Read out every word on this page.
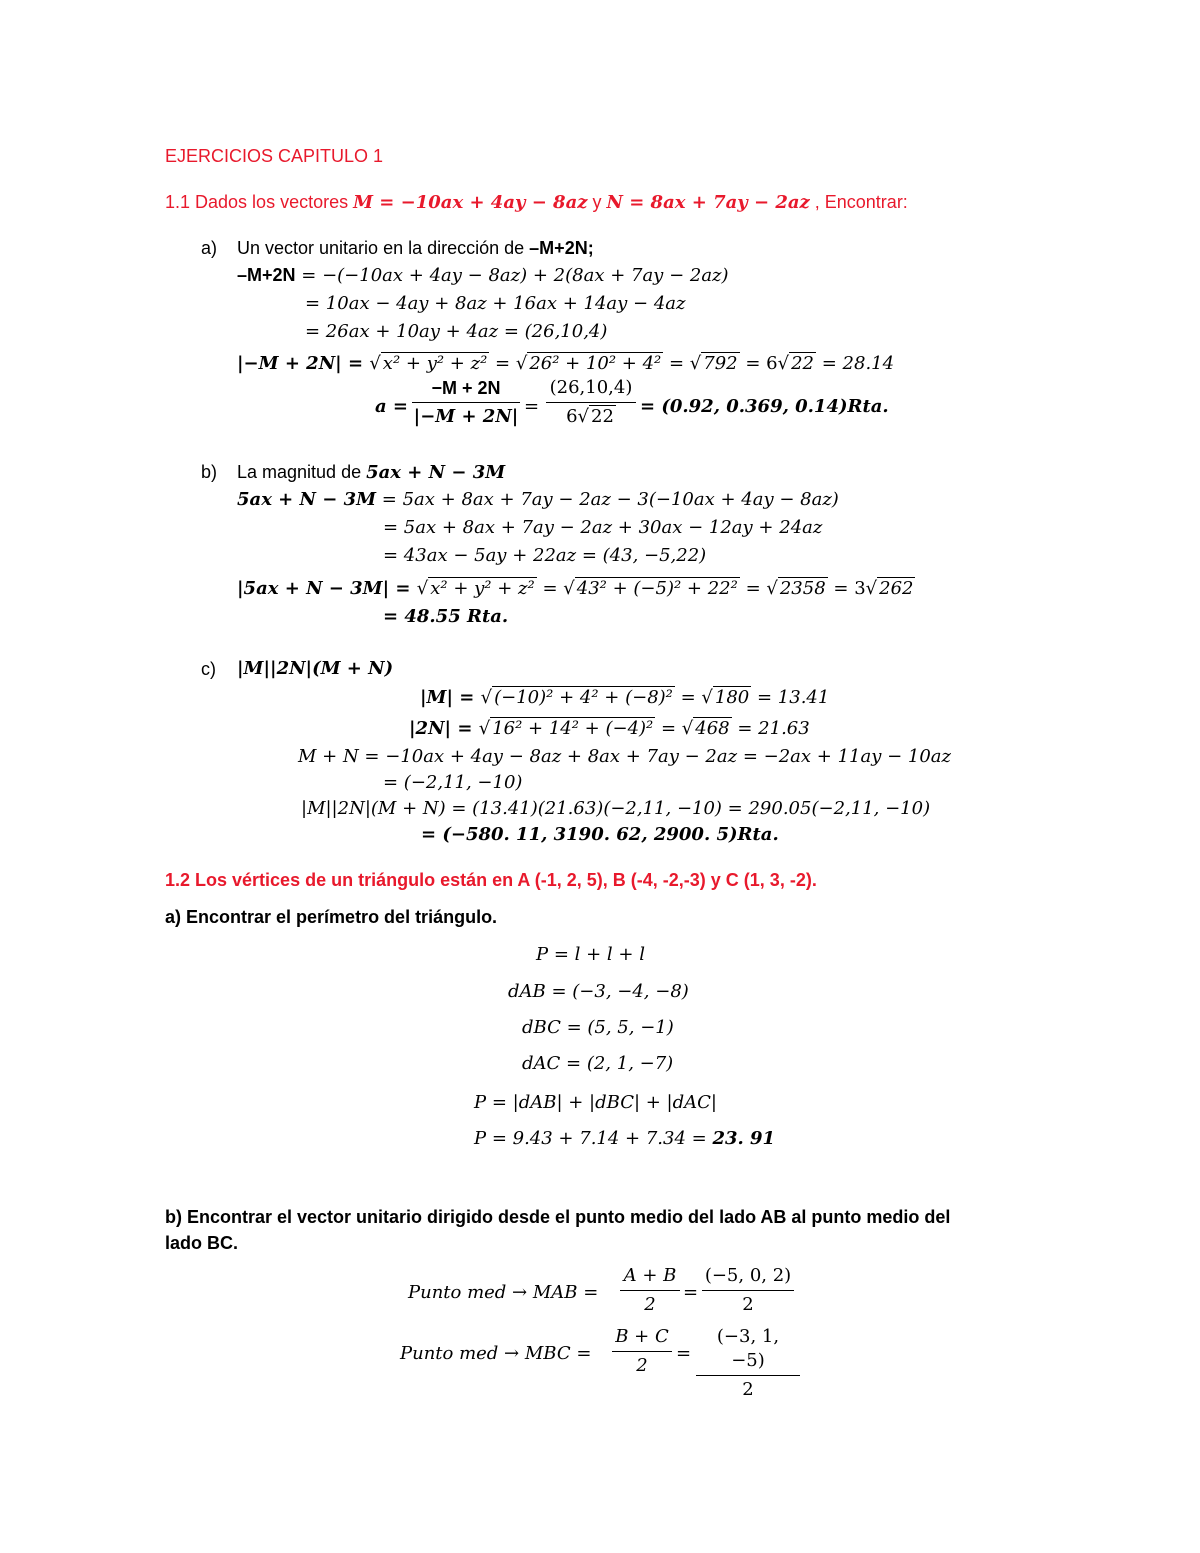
EJERCICIOS CAPITULO 1
1.1 Dados los vectores M = −10ax + 4ay − 8az y N = 8ax + 7ay − 2az , Encontrar:
a) Un vector unitario en la dirección de –M+2N;
–M+2N = −(−10ax + 4ay − 8az) + 2(8ax + 7ay − 2az)
= 10ax − 4ay + 8az + 16ax + 14ay − 4az
= 26ax + 10ay + 4az = (26,10,4)
|−M + 2N| = √ x² + y² + z² = √ 26² + 10² + 4² = √ 792 = 6√ 22 = 28.14
$a = \frac{-M + 2N}{|-M + 2N|} = \frac{(26,10,4)}{6√ 22} = (0.92$, 0.369, 0.14)Rta.
b) La magnitud de 5ax + N − 3M
5ax + N − 3M = 5ax + 8ax + 7ay − 2az − 3(−10ax + 4ay − 8az)
= 5ax + 8ax + 7ay − 2az + 30ax − 12ay + 24az
= 43ax − 5ay + 22az = (43, −5,22)
|5ax + N − 3M| = √ x² + y² + z² = √ 43² + (−5)² + 22² = √ 2358 = 3√ 262
= 48.55 Rta.
c) |M||2N|(M + N)
|M| = √ (−10)² + 4² + (−8)² = √ 180 = 13.41
|2N| = √ 16² + 14² + (−4)² = √ 468 = 21.63
M + N = −10ax + 4ay − 8az + 8ax + 7ay − 2az = −2ax + 11ay − 10az
= (−2,11, −10)
|M||2N|(M + N) = (13.41)(21.63)(−2,11, −10) = 290.05(−2,11, −10)
= (−580. 11, 3190. 62, 2900. 5)Rta.
1.2 Los vértices de un triángulo están en A (-1, 2, 5), B (-4, -2,-3) y C (1, 3, -2).
a) Encontrar el perímetro del triángulo.
P = l + l + l
dAB = (−3, −4, −8)
dBC = (5, 5, −1)
dAC = (2, 1, −7)
P = |dAB| + |dBC| + |dAC|
P = 9.43 + 7.14 + 7.34 = 23. 91
b) Encontrar el vector unitario dirigido desde el punto medio del lado AB al punto medio del
lado BC.
Punto med → MAB = $\frac{A + B}{2} = \frac{(-5, 0, 2)}{2}$
Punto med → MBC = $\frac{B + C}{2} = \frac{(-3, 1, -5)}{2}$
